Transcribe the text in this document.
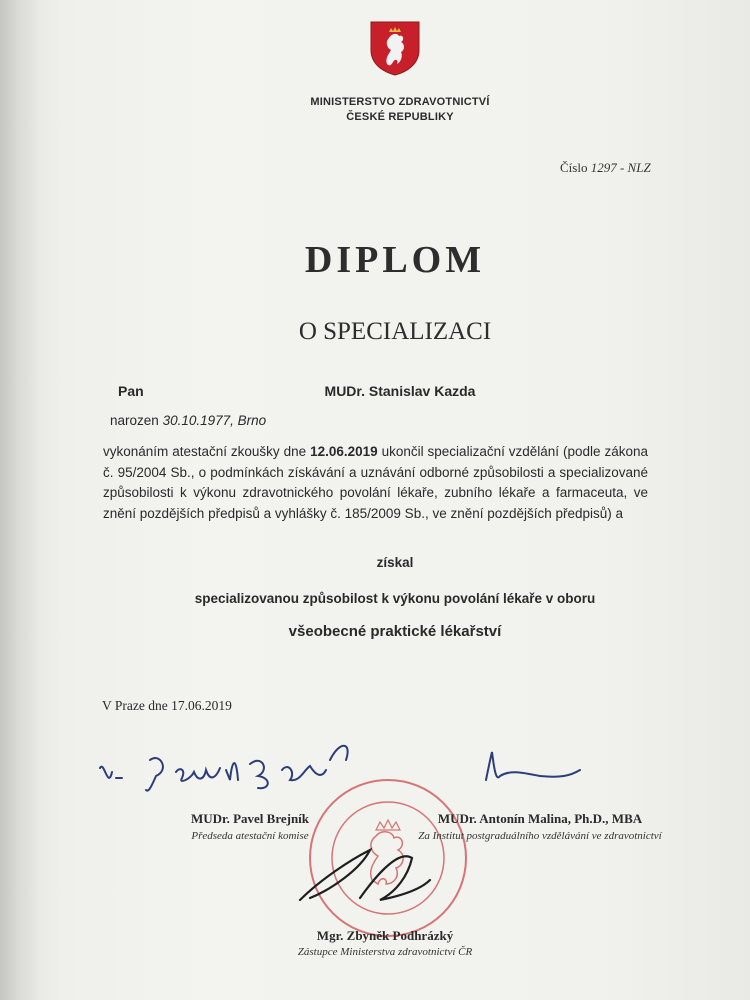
MINISTERSTVO ZDRAVOTNICTVÍ
ČESKÉ REPUBLIKY
Číslo 1297 - NLZ
DIPLOM
O SPECIALIZACI
Pan	MUDr. Stanislav Kazda
narozen 30.10.1977, Brno
vykonáním atestační zkoušky dne 12.06.2019 ukončil specializační vzdělání (podle zákona č. 95/2004 Sb., o podmínkách získávání a uznávání odborné způsobilosti a specializované způsobilosti k výkonu zdravotnického povolání lékaře, zubního lékaře a farmaceuta, ve znění pozdějších předpisů a vyhlášky č. 185/2009 Sb., ve znění pozdějších předpisů) a
získal
specializovanou způsobilost k výkonu povolání lékaře v oboru
všeobecné praktické lékařství
V Praze dne 17.06.2019
MUDr. Pavel Brejník
Předseda atestační komise
MUDr. Antonín Malina, Ph.D., MBA
Za Institut postgraduálního vzdělávání ve zdravotnictví
Mgr. Zbyněk Podhrázký
Zástupce Ministerstva zdravotnictví ČR
